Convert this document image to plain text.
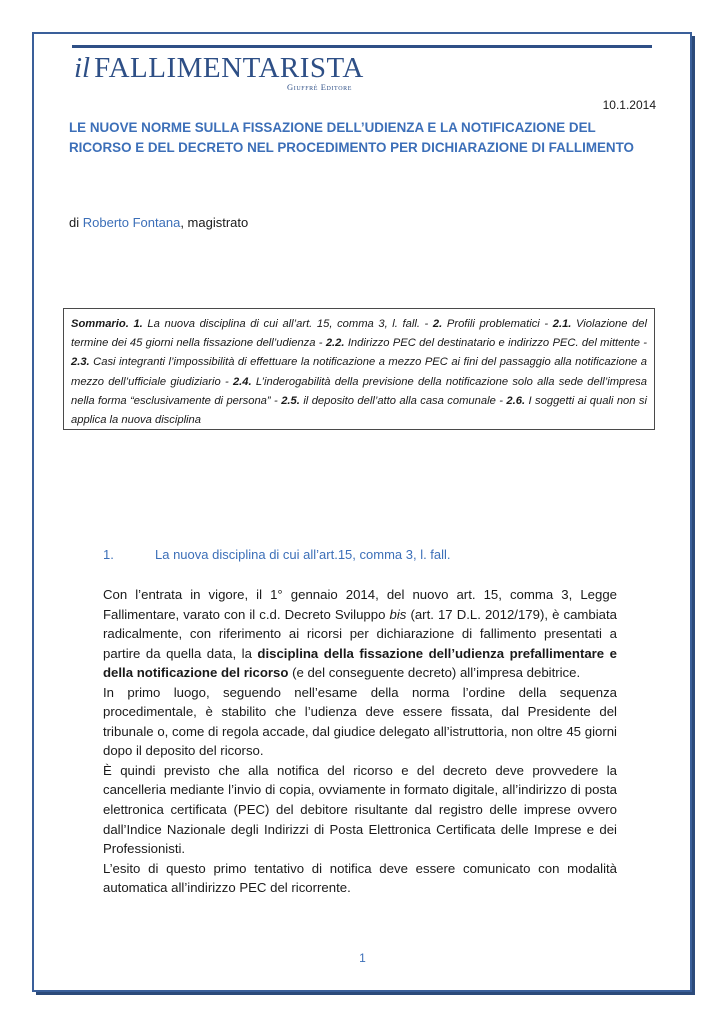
il FALLIMENTARISTA
Giuffrè Editore
10.1.2014
LE NUOVE NORME SULLA FISSAZIONE DELL’UDIENZA E LA NOTIFICAZIONE DEL RICORSO E DEL DECRETO NEL PROCEDIMENTO PER DICHIARAZIONE DI FALLIMENTO
di Roberto Fontana, magistrato
Sommario. 1. La nuova disciplina di cui all’art. 15, comma 3, l. fall. - 2. Profili problematici - 2.1. Violazione del termine dei 45 giorni nella fissazione dell’udienza - 2.2. Indirizzo PEC del destinatario e indirizzo PEC. del mittente - 2.3. Casi integranti l’impossibilità di effettuare la notificazione a mezzo PEC ai fini del passaggio alla notificazione a mezzo dell’ufficiale giudiziario - 2.4. L’inderogabilità della previsione della notificazione solo alla sede dell’impresa nella forma “esclusivamente di persona” - 2.5. il deposito dell’atto alla casa comunale - 2.6. I soggetti ai quali non si applica la nuova disciplina
1.	La nuova disciplina di cui all’art.15, comma 3, l. fall.

Con l’entrata in vigore, il 1° gennaio 2014, del nuovo art. 15, comma 3, Legge Fallimentare, varato con il c.d. Decreto Sviluppo bis (art. 17 D.L. 2012/179), è cambiata radicalmente, con riferimento ai ricorsi per dichiarazione di fallimento presentati a partire da quella data, la disciplina della fissazione dell’udienza prefallimentare e della notificazione del ricorso (e del conseguente decreto) all’impresa debitrice.

In primo luogo, seguendo nell’esame della norma l’ordine della sequenza procedimentale, è stabilito che l’udienza deve essere fissata, dal Presidente del tribunale o, come di regola accade, dal giudice delegato all’istruttoria, non oltre 45 giorni dopo il deposito del ricorso.

È quindi previsto che alla notifica del ricorso e del decreto deve provvedere la cancelleria mediante l’invio di copia, ovviamente in formato digitale, all’indirizzo di posta elettronica certificata (PEC) del debitore risultante dal registro delle imprese ovvero dall’Indice Nazionale degli Indirizzi di Posta Elettronica Certificata delle Imprese e dei Professionisti.

L’esito di questo primo tentativo di notifica deve essere comunicato con modalità automatica all’indirizzo PEC del ricorrente.

1
